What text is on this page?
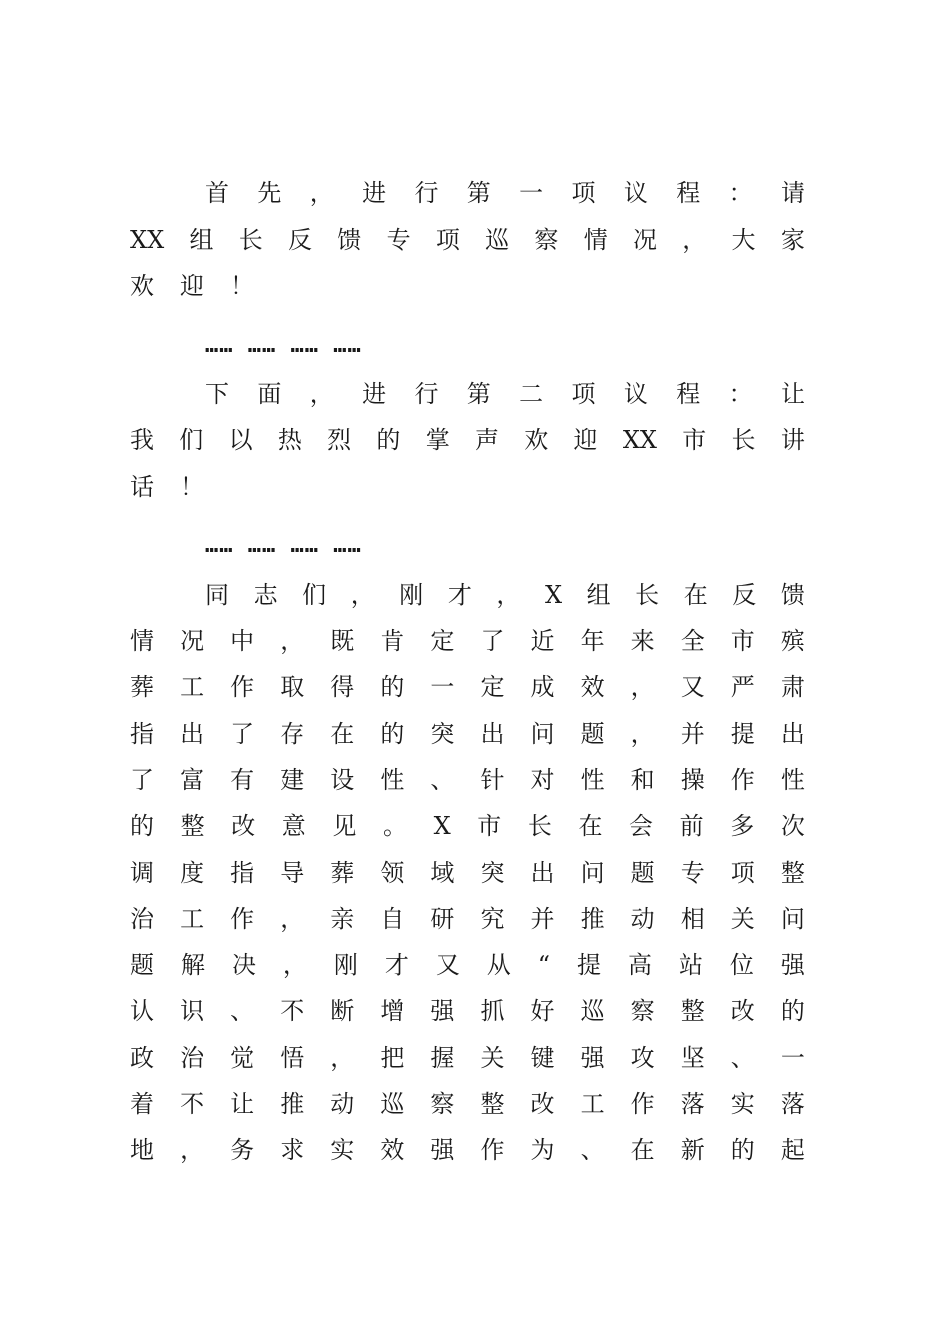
首 先 ， 进 行 第 一 项 议 程 ： 请
XX 组 长 反 馈 专 项 巡 察 情 况 ， 大 家
欢 迎 ！
…… …… …… ……
下 面 ， 进 行 第 二 项 议 程 ： 让
我 们 以 热 烈 的 掌 声 欢 迎 XX 市 长 讲
话 ！
…… …… …… ……
同 志 们 ， 刚 才 ， X 组 长 在 反 馈
情 况 中 ， 既 肯 定 了 近 年 来 全 市 殡
葬 工 作 取 得 的 一 定 成 效 ， 又 严 肃
指 出 了 存 在 的 突 出 问 题 ， 并 提 出
了 富 有 建 设 性 、 针 对 性 和 操 作 性
的 整 改 意 见 。 X 市 长 在 会 前 多 次
调 度 指 导 葬 领 域 突 出 问 题 专 项 整
治 工 作 ， 亲 自 研 究 并 推 动 相 关 问
题 解 决 ， 刚 才 又 从 “ 提 高 站 位 强
认 识 、 不 断 增 强 抓 好 巡 察 整 改 的
政 治 觉 悟 ， 把 握 关 键 强 攻 坚 、 一
着 不 让 推 动 巡 察 整 改 工 作 落 实 落
地 ， 务 求 实 效 强 作 为 、 在 新 的 起
